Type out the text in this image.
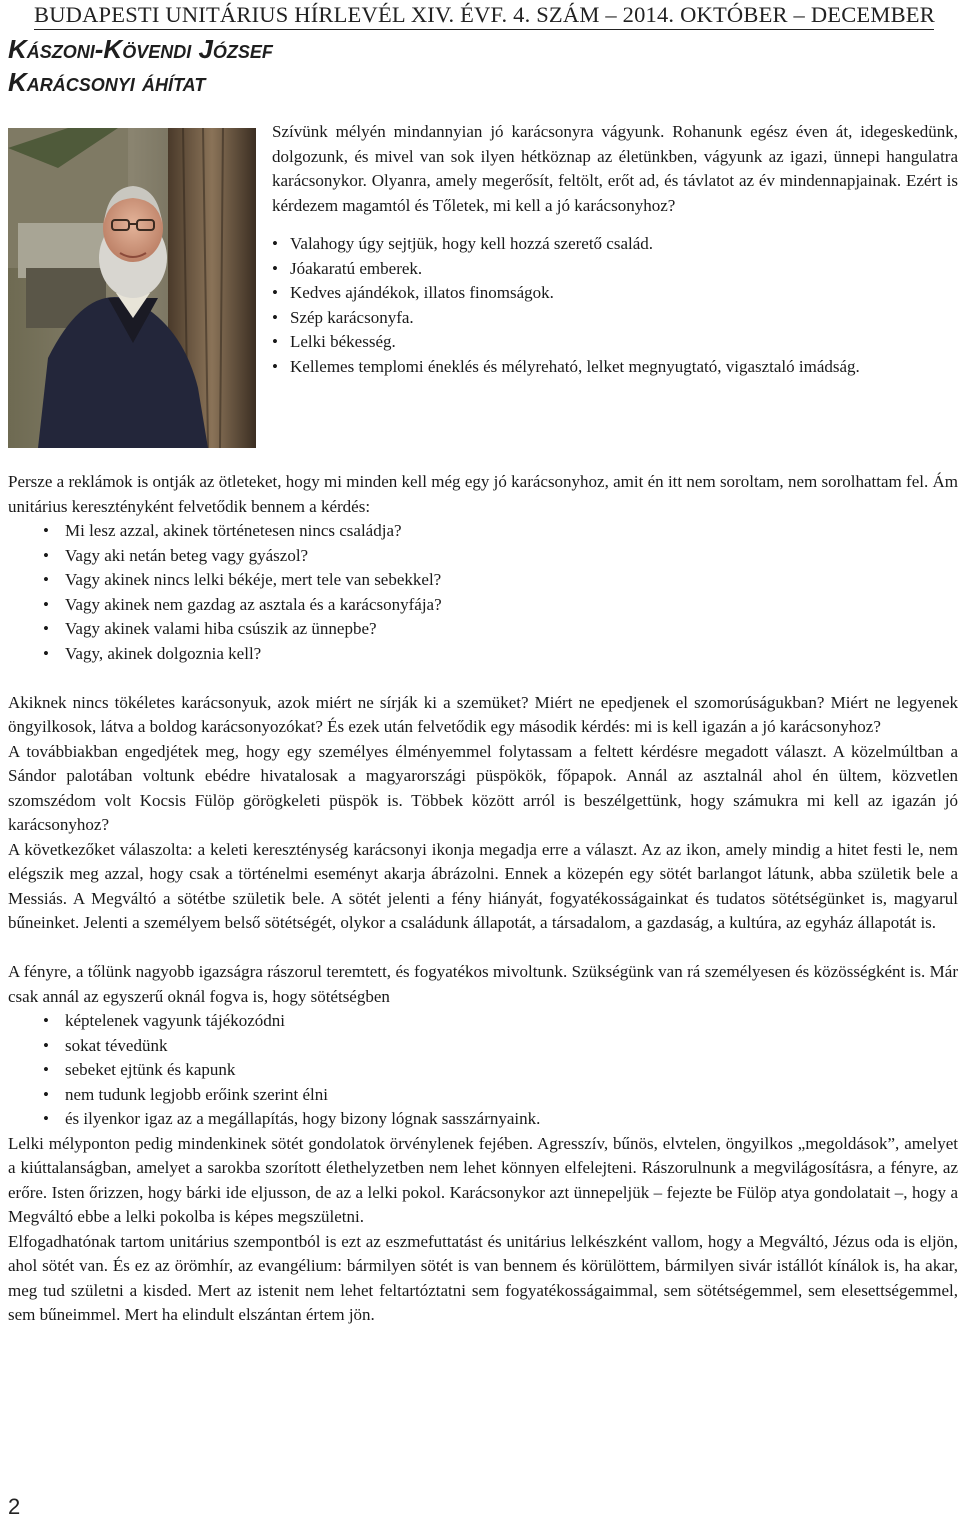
BUDAPESTI UNITÁRIUS HÍRLEVÉL XIV. ÉVF. 4. SZÁM – 2014. OKTÓBER – DECEMBER
Kászoni-Kövendi József
Karácsonyi áhítat

Szívünk mélyén mindannyian jó karácsonyra vágyunk. Rohanunk egész éven át, idegeskedünk, dolgozunk, és mivel van sok ilyen hétköznap az életünkben, vágyunk az igazi, ünnepi hangulatra karácsonykor. Olyanra, amely megerősít, feltölt, erőt ad, és távlatot az év mindennapjainak. Ezért is kérdezem magamtól és Tőletek, mi kell a jó karácsonyhoz?

• Valahogy úgy sejtjük, hogy kell hozzá szerető család.
• Jóakaratú emberek.
• Kedves ajándékok, illatos finomságok.
• Szép karácsonyfa.
• Lelki békesség.
• Kellemes templomi éneklés és mélyreható, lelket megnyugtató, vigasztaló imádság.

Persze a reklámok is ontják az ötleteket, hogy mi minden kell még egy jó karácsonyhoz, amit én itt nem soroltam, nem sorolhattam fel. Ám unitárius keresztényként felvetődik bennem a kérdés:

• Mi lesz azzal, akinek történetesen nincs családja?
• Vagy aki netán beteg vagy gyászol?
• Vagy akinek nincs lelki békéje, mert tele van sebekkel?
• Vagy akinek nem gazdag az asztala és a karácsonyfája?
• Vagy akinek valami hiba csúszik az ünnepbe?
• Vagy, akinek dolgoznia kell?

Akiknek nincs tökéletes karácsonyuk, azok miért ne sírják ki a szemüket? Miért ne epedjenek el szomorúságukban? Miért ne legyenek öngyilkosok, látva a boldog karácsonyozókat? És ezek után felvetődik egy második kérdés: mi is kell igazán a jó karácsonyhoz?

A továbbiakban engedjétek meg, hogy egy személyes élményemmel folytassam a feltett kérdésre megadott választ. A közelmúltban a Sándor palotában voltunk ebédre hivatalosak a magyarországi püspökök, főpapok. Annál az asztalnál ahol én ültem, közvetlen szomszédom volt Kocsis Fülöp görögkeleti püspök is. Többek között arról is beszélgettünk, hogy számukra mi kell az igazán jó karácsonyhoz?

A következőket válaszolta: a keleti kereszténység karácsonyi ikonja megadja erre a választ. Az az ikon, amely mindig a hitet festi le, nem elégszik meg azzal, hogy csak a történelmi eseményt akarja ábrázolni. Ennek a közepén egy sötét barlangot látunk, abba születik bele a Messiás. A Megváltó a sötétbe születik bele. A sötét jelenti a fény hiányát, fogyatékosságainkat és tudatos sötétségünket is, magyarul bűneinket. Jelenti a személyem belső sötétségét, olykor a családunk állapotát, a társadalom, a gazdaság, a kultúra, az egyház állapotát is.

A fényre, a tőlünk nagyobb igazságra rászorul teremtett, és fogyatékos mivoltunk. Szükségünk van rá személyesen és közösségként is. Már csak annál az egyszerű oknál fogva is, hogy sötétségben

• képtelenek vagyunk tájékozódni
• sokat tévedünk
• sebeket ejtünk és kapunk
• nem tudunk legjobb erőink szerint élni
• és ilyenkor igaz az a megállapítás, hogy bizony lógnak sasszárnyaink.

Lelki mélyponton pedig mindenkinek sötét gondolatok örvénylenek fejében. Agresszív, bűnös, elvtelen, öngyilkos „megoldások”, amelyet a kiúttalanságban, amelyet a sarokba szorított élethelyzetben nem lehet könnyen elfelejteni. Rászorulnunk a megvilágosításra, a fényre, az erőre. Isten őrizzen, hogy bárki ide eljusson, de az a lelki pokol. Karácsonykor azt ünnepeljük – fejezte be Fülöp atya gondolatait –, hogy a Megváltó ebbe a lelki pokolba is képes megszületni.

Elfogadhatónak tartom unitárius szempontból is ezt az eszmefuttatást és unitárius lelkészként vallom, hogy a Megváltó, Jézus oda is eljön, ahol sötét van. És ez az örömhír, az evangélium: bármilyen sötét is van bennem és körülöttem, bármilyen sivár istállót kínálok is, ha akar, meg tud születni a kisded. Mert az istenit nem lehet feltartóztatni sem fogyatékosságaimmal, sem sötétségemmel, sem elesettségemmel, sem bűneimmel. Mert ha elindult elszántan értem jön.

2
